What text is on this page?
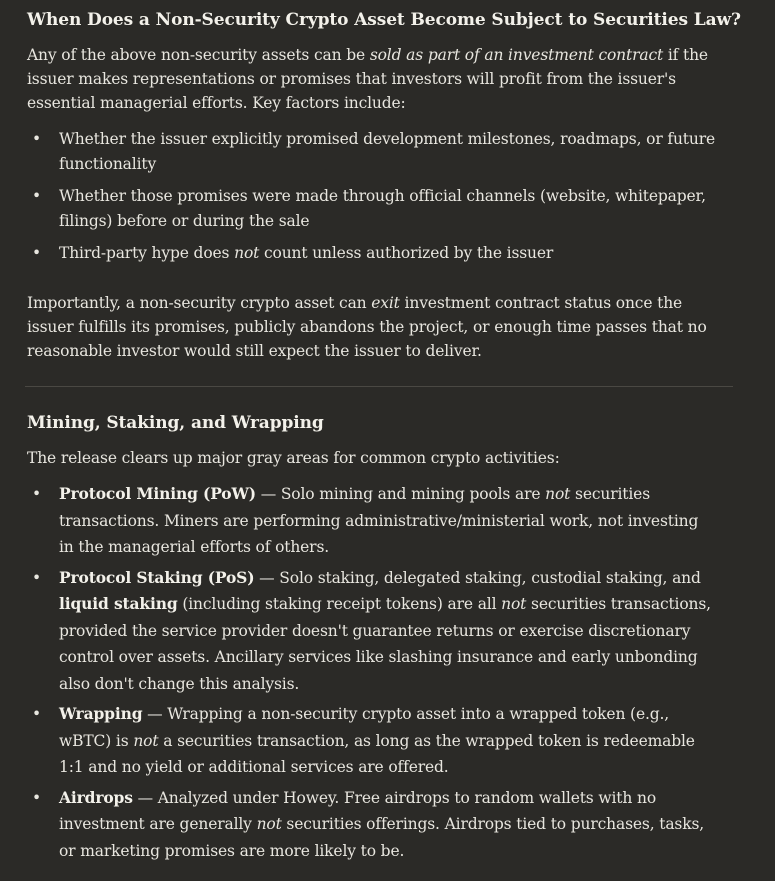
When Does a Non-Security Crypto Asset Become Subject to Securities Law?

Any of the above non-security assets can be sold as part of an investment contract if the issuer makes representations or promises that investors will profit from the issuer's essential managerial efforts. Key factors include:

• Whether the issuer explicitly promised development milestones, roadmaps, or future functionality
• Whether those promises were made through official channels (website, whitepaper, filings) before or during the sale
• Third-party hype does not count unless authorized by the issuer

Importantly, a non-security crypto asset can exit investment contract status once the issuer fulfills its promises, publicly abandons the project, or enough time passes that no reasonable investor would still expect the issuer to deliver.

Mining, Staking, and Wrapping

The release clears up major gray areas for common crypto activities:

• Protocol Mining (PoW) — Solo mining and mining pools are not securities transactions. Miners are performing administrative/ministerial work, not investing in the managerial efforts of others.
• Protocol Staking (PoS) — Solo staking, delegated staking, custodial staking, and liquid staking (including staking receipt tokens) are all not securities transactions, provided the service provider doesn't guarantee returns or exercise discretionary control over assets. Ancillary services like slashing insurance and early unbonding also don't change this analysis.
• Wrapping — Wrapping a non-security crypto asset into a wrapped token (e.g., wBTC) is not a securities transaction, as long as the wrapped token is redeemable 1:1 and no yield or additional services are offered.
• Airdrops — Analyzed under Howey. Free airdrops to random wallets with no investment are generally not securities offerings. Airdrops tied to purchases, tasks, or marketing promises are more likely to be.
